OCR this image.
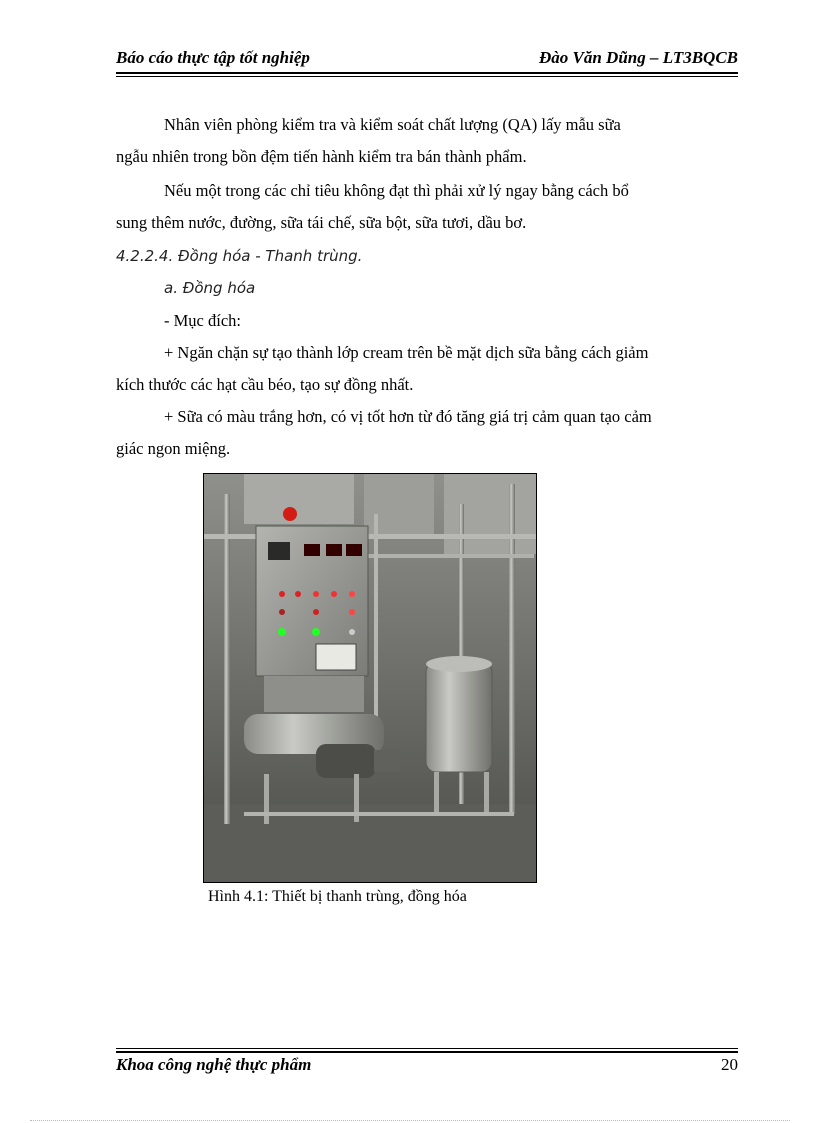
Báo cáo thực tập tốt nghiệp	Đào Văn Dũng – LT3BQCB
Nhân viên phòng kiểm tra và kiểm soát chất lượng (QA) lấy mẫu sữa
ngẫu nhiên trong bồn đệm tiến hành kiểm tra bán thành phẩm.
Nếu một trong các chỉ tiêu không đạt thì phải xử lý ngay bằng cách bổ
sung thêm nước, đường, sữa tái chế, sữa bột, sữa tươi, dầu bơ.
4.2.2.4. Đồng hóa - Thanh trùng.
a. Đồng hóa
- Mục đích:
+ Ngăn chặn sự tạo thành lớp cream trên bề mặt dịch sữa bằng cách giảm
kích thước các hạt cầu béo, tạo sự đồng nhất.
+ Sữa có màu trắng hơn, có vị tốt hơn từ đó tăng giá trị cảm quan tạo cảm
giác ngon miệng.
Hình 4.1: Thiết bị thanh trùng, đồng hóa
Khoa công nghệ thực phẩm	20
